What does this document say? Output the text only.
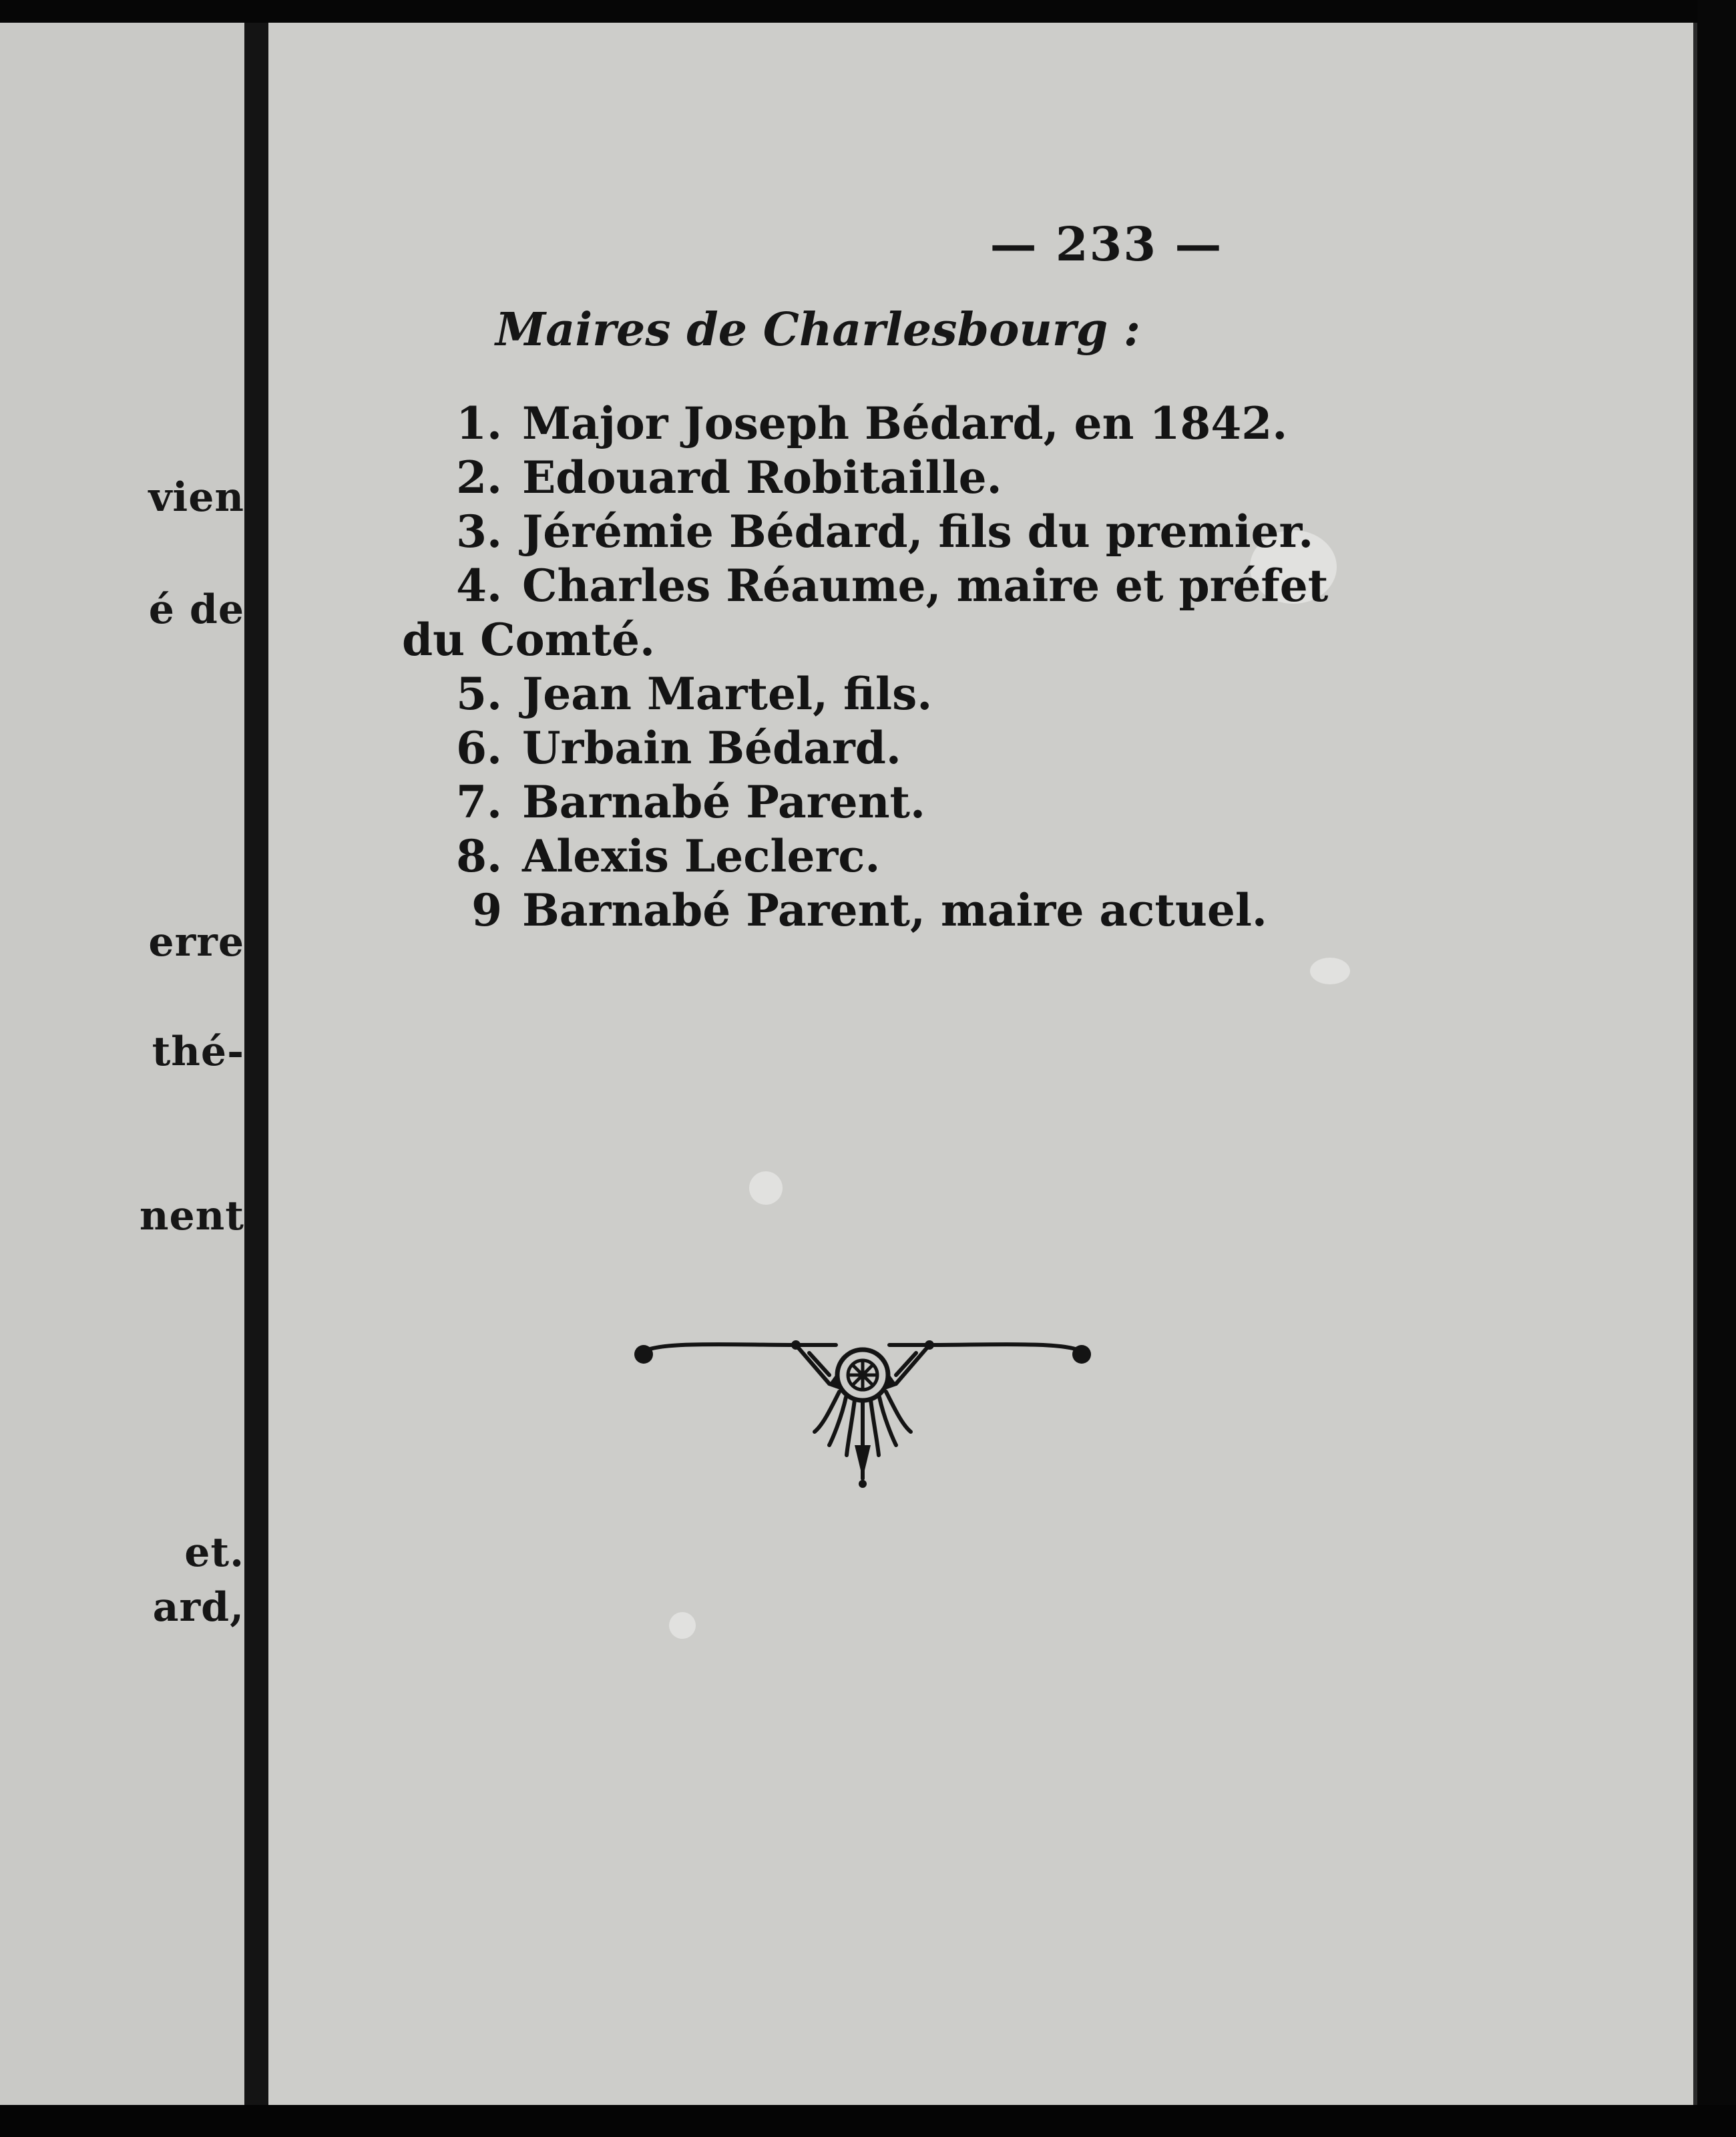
vien
é de
erre
thé-
nent
et.
ard,
— 233 —
Maires de Charlesbourg :
1. Major Joseph Bédard, en 1842.
2. Edouard Robitaille.
3. Jérémie Bédard, fils du premier.
4. Charles Réaume, maire et préfet
du Comté.
5. Jean Martel, fils.
6. Urbain Bédard.
7. Barnabé Parent.
8. Alexis Leclerc.
9 Barnabé Parent, maire actuel.
